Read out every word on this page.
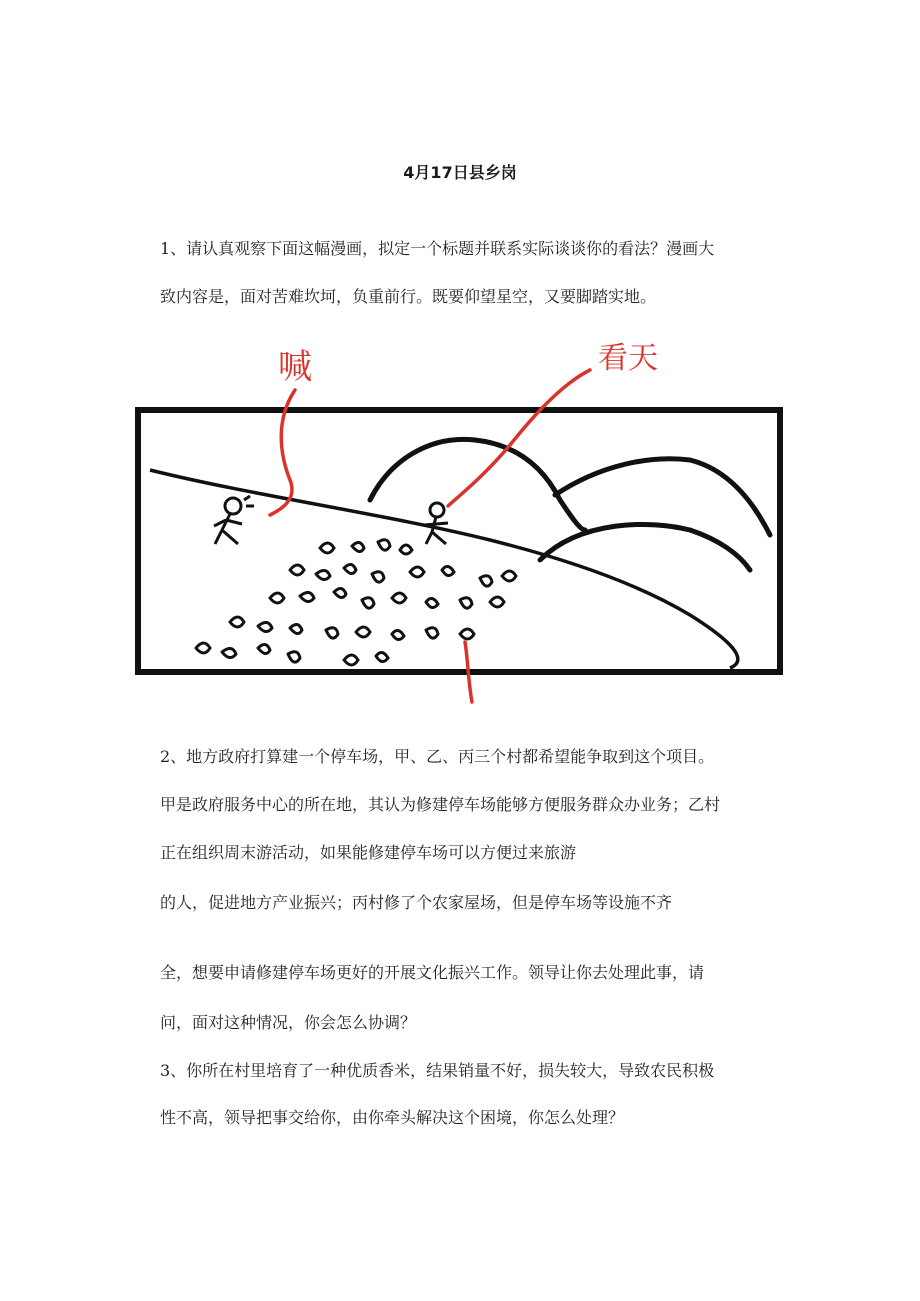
4月17日县乡岗
1、请认真观察下面这幅漫画，拟定一个标题并联系实际谈谈你的看法？漫画大
致内容是，面对苦难坎坷，负重前行。既要仰望星空，又要脚踏实地。
喊	看天
2、地方政府打算建一个停车场，甲、乙、丙三个村都希望能争取到这个项目。
甲是政府服务中心的所在地，其认为修建停车场能够方便服务群众办业务；乙村
正在组织周末游活动，如果能修建停车场可以方便过来旅游
的人，促进地方产业振兴；丙村修了个农家屋场，但是停车场等设施不齐
全，想要申请修建停车场更好的开展文化振兴工作。领导让你去处理此事，请
问，面对这种情况，你会怎么协调？
3、你所在村里培育了一种优质香米，结果销量不好，损失较大，导致农民积极
性不高，领导把事交给你，由你牵头解决这个困境，你怎么处理？
